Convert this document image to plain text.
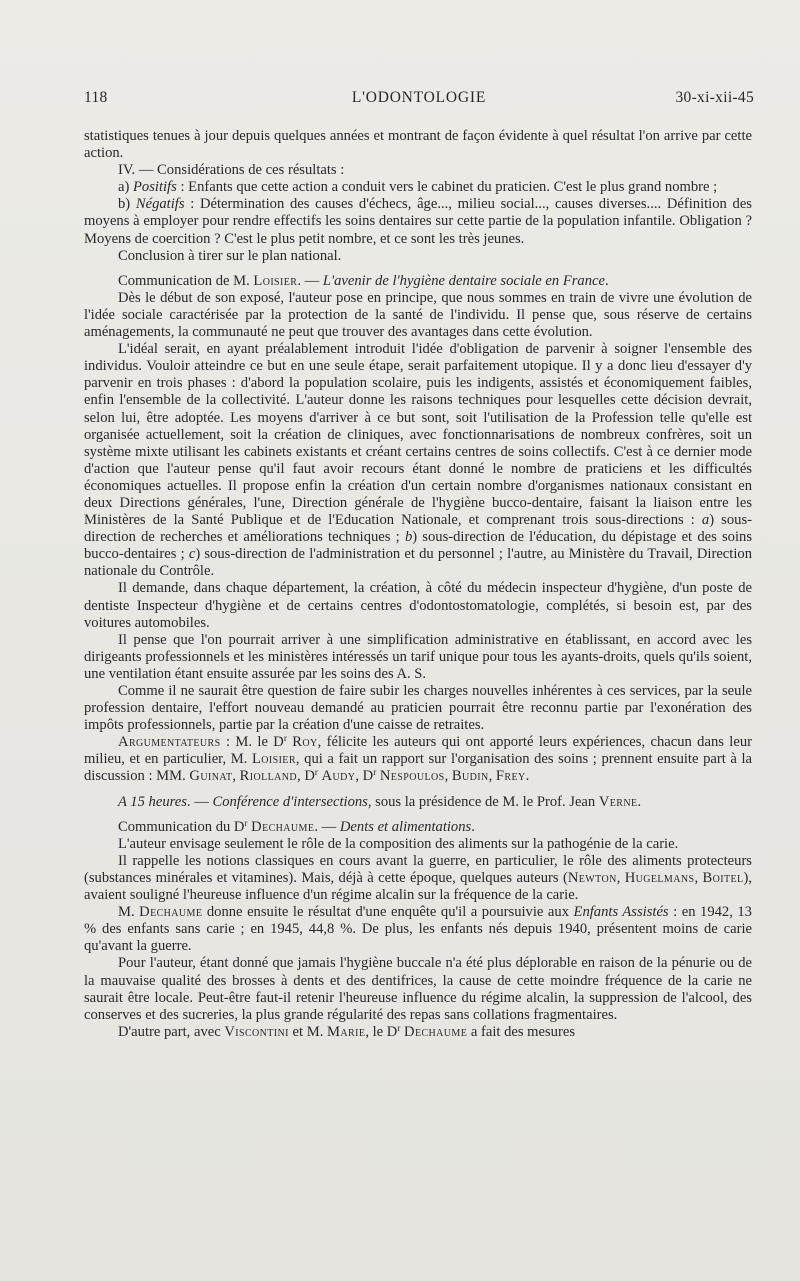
118	L'ODONTOLOGIE	30-xi-xii-45

statistiques tenues à jour depuis quelques années et montrant de façon évidente à quel résultat l'on arrive par cette action.

IV. — Considérations de ces résultats :

a) Positifs : Enfants que cette action a conduit vers le cabinet du praticien. C'est le plus grand nombre ;

b) Négatifs : Détermination des causes d'échecs, âge..., milieu social..., causes diverses.... Définition des moyens à employer pour rendre effectifs les soins dentaires sur cette partie de la population infantile. Obligation ? Moyens de coercition ? C'est le plus petit nombre, et ce sont les très jeunes.

Conclusion à tirer sur le plan national.

Communication de M. Loisier. — L'avenir de l'hygiène dentaire sociale en France.

Dès le début de son exposé, l'auteur pose en principe, que nous sommes en train de vivre une évolution de l'idée sociale caractérisée par la protection de la santé de l'individu. Il pense que, sous réserve de certains aménagements, la communauté ne peut que trouver des avantages dans cette évolution.

L'idéal serait, en ayant préalablement introduit l'idée d'obligation de parvenir à soigner l'ensemble des individus. Vouloir atteindre ce but en une seule étape, serait parfaitement utopique. Il y a donc lieu d'essayer d'y parvenir en trois phases : d'abord la population scolaire, puis les indigents, assistés et économiquement faibles, enfin l'ensemble de la collectivité. L'auteur donne les raisons techniques pour lesquelles cette décision devrait, selon lui, être adoptée. Les moyens d'arriver à ce but sont, soit l'utilisation de la Profession telle qu'elle est organisée actuellement, soit la création de cliniques, avec fonctionnarisations de nombreux confrères, soit un système mixte utilisant les cabinets existants et créant certains centres de soins collectifs. C'est à ce dernier mode d'action que l'auteur pense qu'il faut avoir recours étant donné le nombre de praticiens et les difficultés économiques actuelles. Il propose enfin la création d'un certain nombre d'organismes nationaux consistant en deux Directions générales, l'une, Direction générale de l'hygiène bucco-dentaire, faisant la liaison entre les Ministères de la Santé Publique et de l'Education Nationale, et comprenant trois sous-directions : a) sous-direction de recherches et améliorations techniques ; b) sous-direction de l'éducation, du dépistage et des soins bucco-dentaires ; c) sous-direction de l'administration et du personnel ; l'autre, au Ministère du Travail, Direction nationale du Contrôle.

Il demande, dans chaque département, la création, à côté du médecin inspecteur d'hygiène, d'un poste de dentiste Inspecteur d'hygiène et de certains centres d'odontostomatologie, complétés, si besoin est, par des voitures automobiles.

Il pense que l'on pourrait arriver à une simplification administrative en établissant, en accord avec les dirigeants professionnels et les ministères intéressés un tarif unique pour tous les ayants-droits, quels qu'ils soient, une ventilation étant ensuite assurée par les soins des A. S.

Comme il ne saurait être question de faire subir les charges nouvelles inhérentes à ces services, par la seule profession dentaire, l'effort nouveau demandé au praticien pourrait être reconnu partie par l'exonération des impôts professionnels, partie par la création d'une caisse de retraites.

Argumentateurs : M. le $D^r$ Roy, félicite les auteurs qui ont apporté leurs expériences, chacun dans leur milieu, et en particulier, M. Loisier, qui a fait un rapport sur l'organisation des soins ; prennent ensuite part à la discussion : MM. Guinat, Riolland, $D^r$ Audy, $D^r$ Nespoulos, Budin, Frey.

A 15 heures. — Conférence d'intersections, sous la présidence de M. le Prof. Jean Verne.

Communication du $D^r$ Dechaume. — Dents et alimentations.

L'auteur envisage seulement le rôle de la composition des aliments sur la pathogénie de la carie.

Il rappelle les notions classiques en cours avant la guerre, en particulier, le rôle des aliments protecteurs (substances minérales et vitamines). Mais, déjà à cette époque, quelques auteurs (Newton, Hugelmans, Boitel), avaient souligné l'heureuse influence d'un régime alcalin sur la fréquence de la carie.

M. Dechaume donne ensuite le résultat d'une enquête qu'il a poursuivie aux Enfants Assistés : en 1942, 13 % des enfants sans carie ; en 1945, 44,8 %. De plus, les enfants nés depuis 1940, présentent moins de carie qu'avant la guerre.

Pour l'auteur, étant donné que jamais l'hygiène buccale n'a été plus déplorable en raison de la pénurie ou de la mauvaise qualité des brosses à dents et des dentifrices, la cause de cette moindre fréquence de la carie ne saurait être locale. Peut-être faut-il retenir l'heureuse influence du régime alcalin, la suppression de l'alcool, des conserves et des sucreries, la plus grande régularité des repas sans collations fragmentaires.

D'autre part, avec Viscontini et M. Marie, le $D^r$ Dechaume a fait des mesures
